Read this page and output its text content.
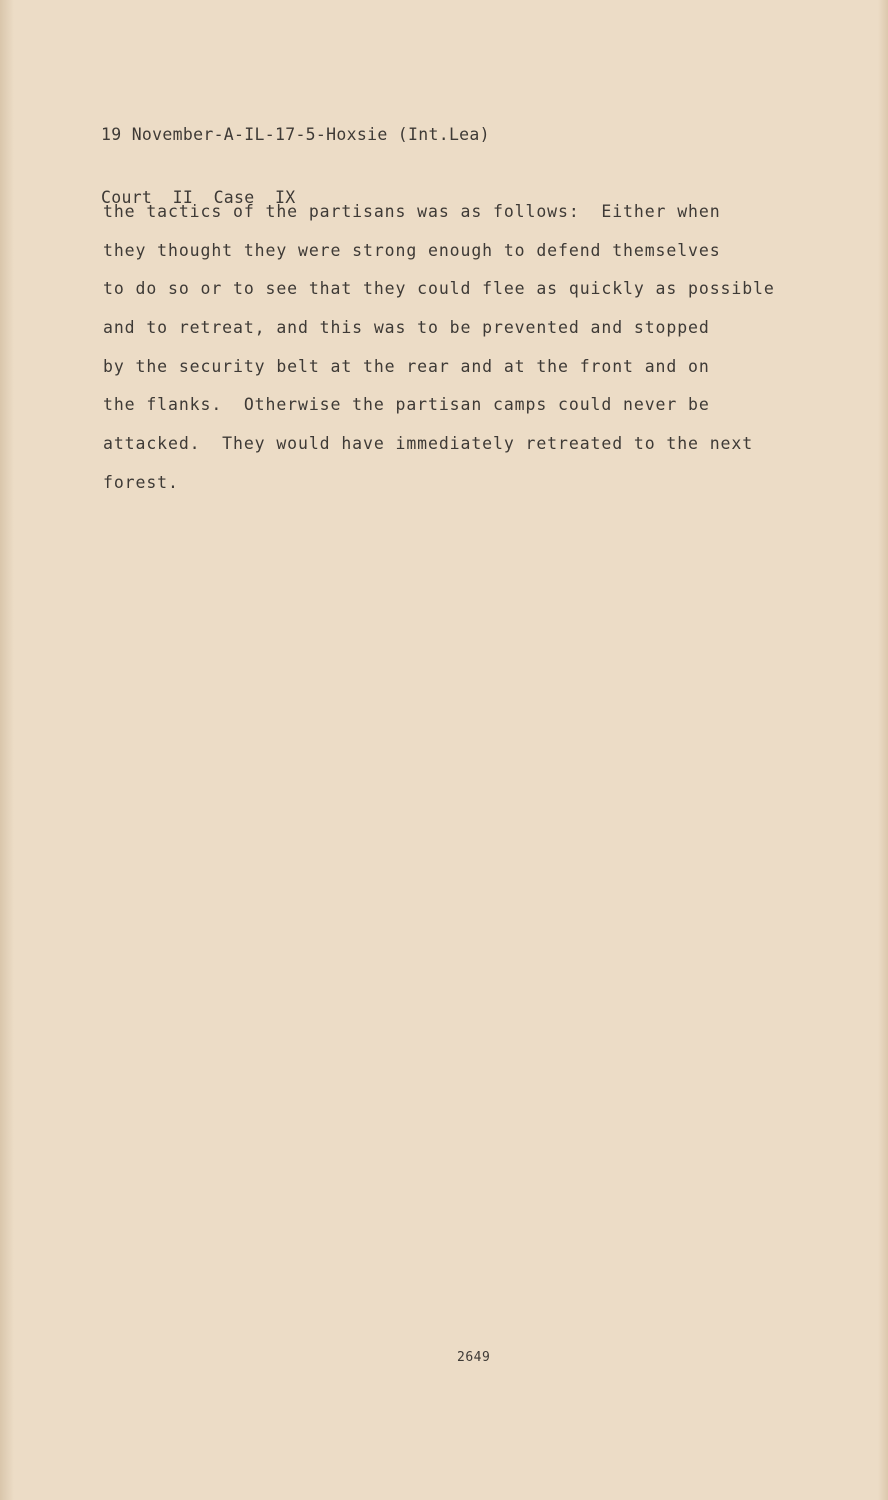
19 November-A-IL-17-5-Hoxsie (Int.Lea)

Court  II  Case  IX

the tactics of the partisans was as follows:  Either when
they thought they were strong enough to defend themselves
to do so or to see that they could flee as quickly as possible
and to retreat, and this was to be prevented and stopped
by the security belt at the rear and at the front and on
the flanks.  Otherwise the partisan camps could never be
attacked.  They would have immediately retreated to the next
forest.
2649
